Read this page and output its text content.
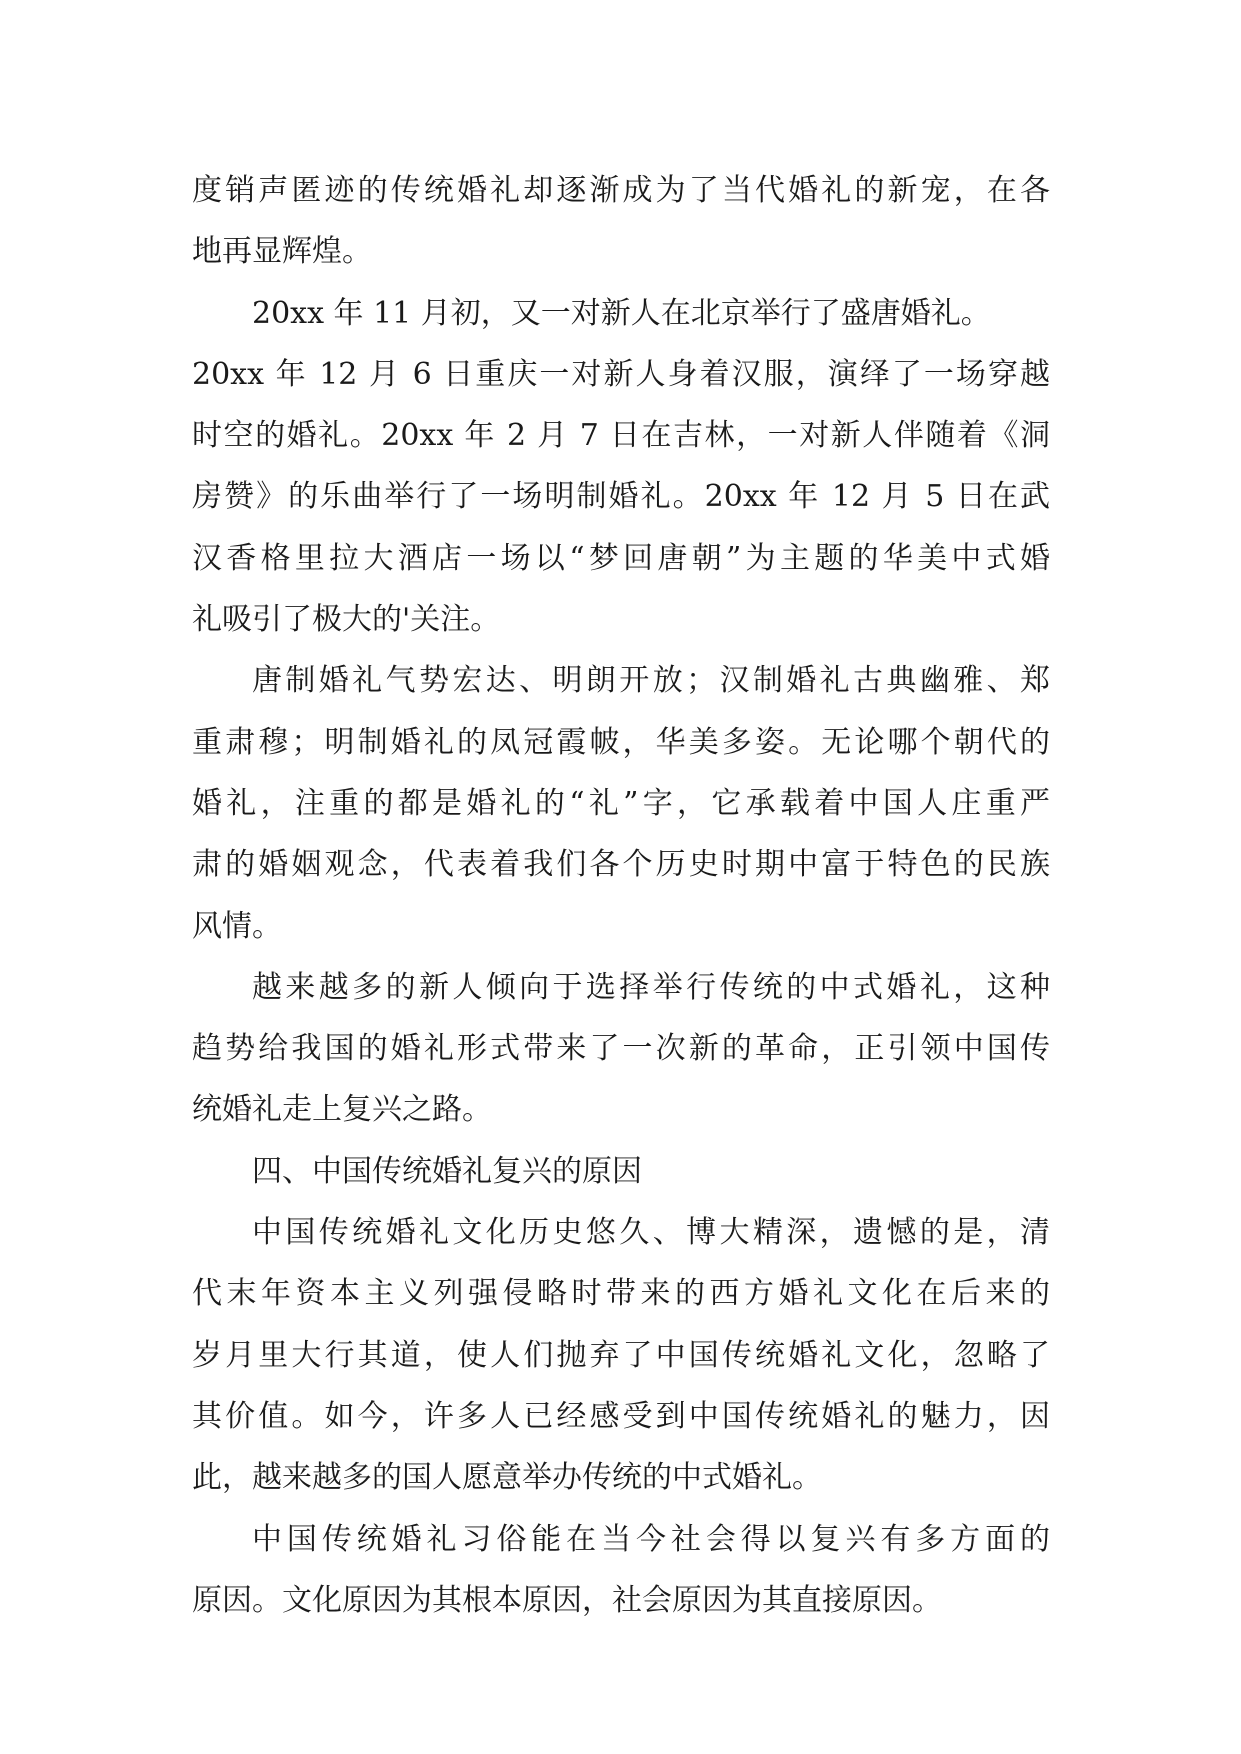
度销声匿迹的传统婚礼却逐渐成为了当代婚礼的新宠，在各
地再显辉煌。
20xx 年 11 月初，又一对新人在北京举行了盛唐婚礼。
20xx 年 12 月 6 日重庆一对新人身着汉服，演绎了一场穿越
时空的婚礼。20xx 年 2 月 7 日在吉林，一对新人伴随着《洞
房赞》的乐曲举行了一场明制婚礼。20xx 年 12 月 5 日在武
汉香格里拉大酒店一场以“梦回唐朝”为主题的华美中式婚
礼吸引了极大的'关注。
唐制婚礼气势宏达、明朗开放；汉制婚礼古典幽雅、郑
重肃穆；明制婚礼的凤冠霞帔，华美多姿。无论哪个朝代的
婚礼，注重的都是婚礼的“礼”字，它承载着中国人庄重严
肃的婚姻观念，代表着我们各个历史时期中富于特色的民族
风情。
越来越多的新人倾向于选择举行传统的中式婚礼，这种
趋势给我国的婚礼形式带来了一次新的革命，正引领中国传
统婚礼走上复兴之路。
四、中国传统婚礼复兴的原因
中国传统婚礼文化历史悠久、博大精深，遗憾的是，清
代末年资本主义列强侵略时带来的西方婚礼文化在后来的
岁月里大行其道，使人们抛弃了中国传统婚礼文化，忽略了
其价值。如今，许多人已经感受到中国传统婚礼的魅力，因
此，越来越多的国人愿意举办传统的中式婚礼。
中国传统婚礼习俗能在当今社会得以复兴有多方面的
原因。文化原因为其根本原因，社会原因为其直接原因。
